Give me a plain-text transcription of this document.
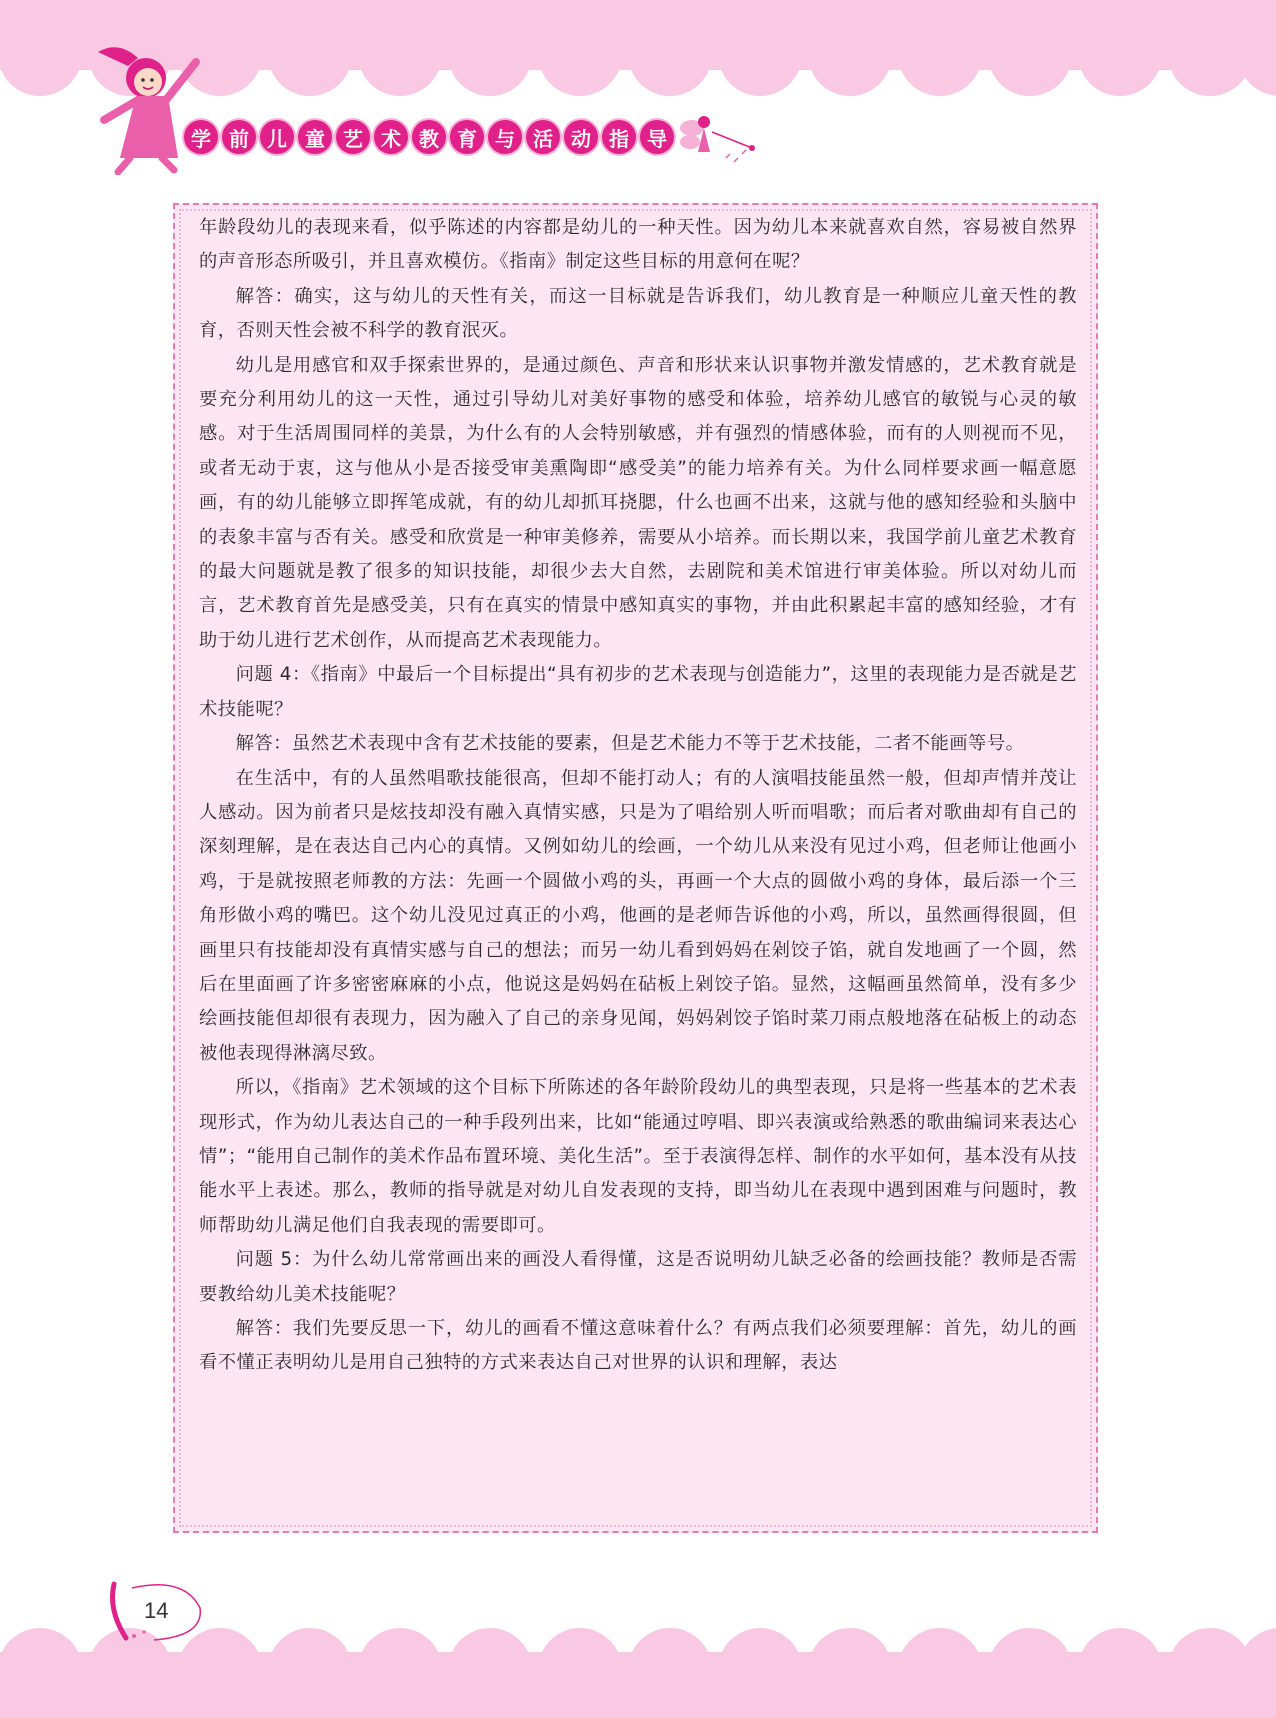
学 前 儿 童 艺 术 教 育 与 活 动 指 导

年龄段幼儿的表现来看，似乎陈述的内容都是幼儿的一种天性。因为幼儿本来就喜欢自然，容易被自然界的声音形态所吸引，并且喜欢模仿。《指南》制定这些目标的用意何在呢？

解答：确实，这与幼儿的天性有关，而这一目标就是告诉我们，幼儿教育是一种顺应儿童天性的教育，否则天性会被不科学的教育泯灭。

幼儿是用感官和双手探索世界的，是通过颜色、声音和形状来认识事物并激发情感的，艺术教育就是要充分利用幼儿的这一天性，通过引导幼儿对美好事物的感受和体验，培养幼儿感官的敏锐与心灵的敏感。对于生活周围同样的美景，为什么有的人会特别敏感，并有强烈的情感体验，而有的人则视而不见，或者无动于衷，这与他从小是否接受审美熏陶即“感受美”的能力培养有关。为什么同样要求画一幅意愿画，有的幼儿能够立即挥笔成就，有的幼儿却抓耳挠腮，什么也画不出来，这就与他的感知经验和头脑中的表象丰富与否有关。感受和欣赏是一种审美修养，需要从小培养。而长期以来，我国学前儿童艺术教育的最大问题就是教了很多的知识技能，却很少去大自然，去剧院和美术馆进行审美体验。所以对幼儿而言，艺术教育首先是感受美，只有在真实的情景中感知真实的事物，并由此积累起丰富的感知经验，才有助于幼儿进行艺术创作，从而提高艺术表现能力。

问题 4：《指南》中最后一个目标提出“具有初步的艺术表现与创造能力”，这里的表现能力是否就是艺术技能呢？

解答：虽然艺术表现中含有艺术技能的要素，但是艺术能力不等于艺术技能，二者不能画等号。

在生活中，有的人虽然唱歌技能很高，但却不能打动人；有的人演唱技能虽然一般，但却声情并茂让人感动。因为前者只是炫技却没有融入真情实感，只是为了唱给别人听而唱歌；而后者对歌曲却有自己的深刻理解，是在表达自己内心的真情。又例如幼儿的绘画，一个幼儿从来没有见过小鸡，但老师让他画小鸡，于是就按照老师教的方法：先画一个圆做小鸡的头，再画一个大点的圆做小鸡的身体，最后添一个三角形做小鸡的嘴巴。这个幼儿没见过真正的小鸡，他画的是老师告诉他的小鸡，所以，虽然画得很圆，但画里只有技能却没有真情实感与自己的想法；而另一幼儿看到妈妈在剁饺子馅，就自发地画了一个圆，然后在里面画了许多密密麻麻的小点，他说这是妈妈在砧板上剁饺子馅。显然，这幅画虽然简单，没有多少绘画技能但却很有表现力，因为融入了自己的亲身见闻，妈妈剁饺子馅时菜刀雨点般地落在砧板上的动态被他表现得淋漓尽致。

所以，《指南》艺术领域的这个目标下所陈述的各年龄阶段幼儿的典型表现，只是将一些基本的艺术表现形式，作为幼儿表达自己的一种手段列出来，比如“能通过哼唱、即兴表演或给熟悉的歌曲编词来表达心情”；“能用自己制作的美术作品布置环境、美化生活”。至于表演得怎样、制作的水平如何，基本没有从技能水平上表述。那么，教师的指导就是对幼儿自发表现的支持，即当幼儿在表现中遇到困难与问题时，教师帮助幼儿满足他们自我表现的需要即可。

问题 5：为什么幼儿常常画出来的画没人看得懂，这是否说明幼儿缺乏必备的绘画技能？教师是否需要教给幼儿美术技能呢？

解答：我们先要反思一下，幼儿的画看不懂这意味着什么？有两点我们必须要理解：首先，幼儿的画看不懂正表明幼儿是用自己独特的方式来表达自己对世界的认识和理解，表达

14
